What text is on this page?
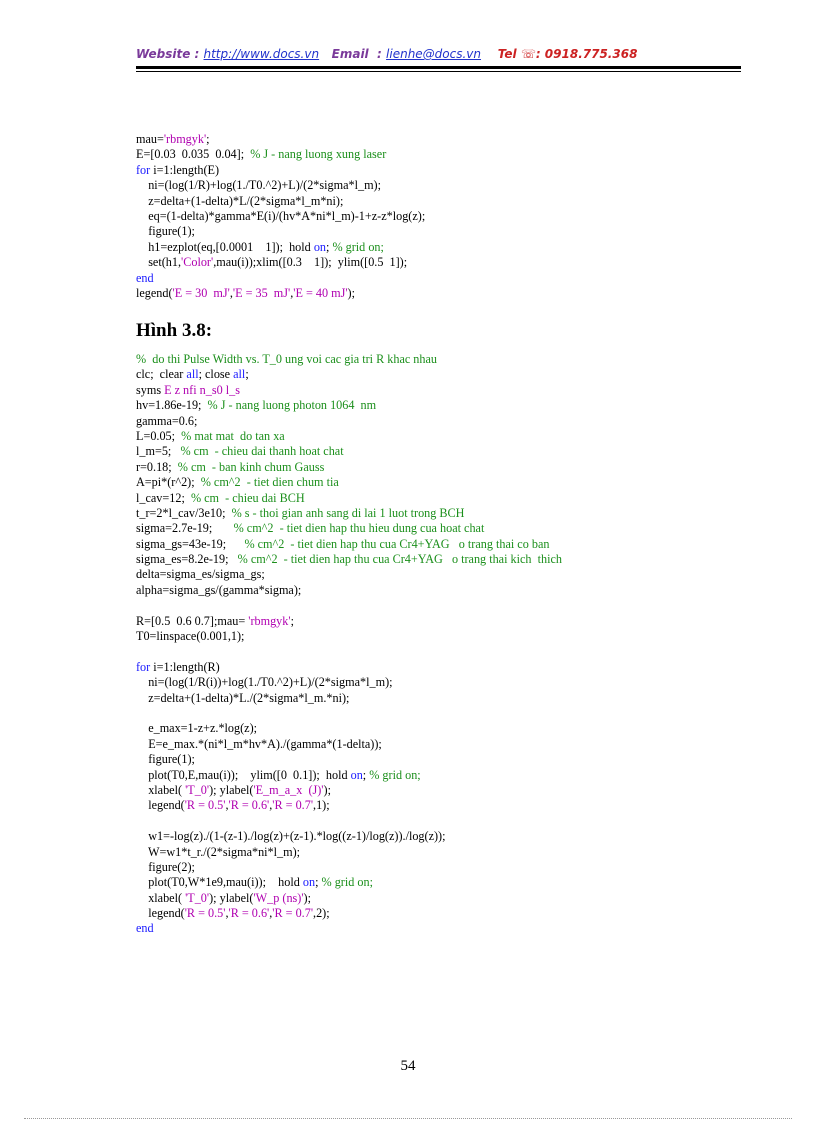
Website : http://www.docs.vn Email : lienhe@docs.vn Tel ☏: 0918.775.368
mau='rbmgyk';
E=[0.03  0.035  0.04];  % J - nang luong xung laser
for i=1:length(E)
ni=(log(1/R)+log(1./T0.^2)+L)/(2*sigma*l_m);
z=delta+(1-delta)*L/(2*sigma*l_m*ni);
eq=(1-delta)*gamma*E(i)/(hv*A*ni*l_m)-1+z-z*log(z);
figure(1);
h1=ezplot(eq,[0.0001    1]);  hold on; % grid on;
set(h1,'Color',mau(i));xlim([0.3    1]);  ylim([0.5  1]);
end
legend('E = 30  mJ','E = 35  mJ','E = 40 mJ');
Hình 3.8:
%  do thi Pulse Width vs. T_0 ung voi cac gia tri R khac nhau
clc;  clear all; close all;
syms E z nfi n_s0 l_s
hv=1.86e-19;  % J - nang luong photon 1064  nm
gamma=0.6;
L=0.05;  % mat mat  do tan xa
l_m=5;   % cm  - chieu dai thanh hoat chat
r=0.18;  % cm  - ban kinh chum Gauss
A=pi*(r^2);  % cm^2  - tiet dien chum tia
l_cav=12;  % cm  - chieu dai BCH
t_r=2*l_cav/3e10;  % s - thoi gian anh sang di lai 1 luot trong BCH
sigma=2.7e-19;       % cm^2  - tiet dien hap thu hieu dung cua hoat chat
sigma_gs=43e-19;      % cm^2  - tiet dien hap thu cua Cr4+YAG   o trang thai co ban
sigma_es=8.2e-19;   % cm^2  - tiet dien hap thu cua Cr4+YAG   o trang thai kich  thich
delta=sigma_es/sigma_gs;
alpha=sigma_gs/(gamma*sigma);
R=[0.5  0.6 0.7];mau= 'rbmgyk';
T0=linspace(0.001,1);
for i=1:length(R)
ni=(log(1/R(i))+log(1./T0.^2)+L)/(2*sigma*l_m);
z=delta+(1-delta)*L./(2*sigma*l_m.*ni);
e_max=1-z+z.*log(z);
E=e_max.*(ni*l_m*hv*A)./(gamma*(1-delta));
figure(1);
plot(T0,E,mau(i));    ylim([0  0.1]);  hold on; % grid on;
xlabel( 'T_0'); ylabel('E_m_a_x  (J)');
legend('R = 0.5','R = 0.6','R = 0.7',1);
w1=-log(z)./(1-(z-1)./log(z)+(z-1).*log((z-1)/log(z))./log(z));
W=w1*t_r./(2*sigma*ni*l_m);
figure(2);
plot(T0,W*1e9,mau(i));    hold on; % grid on;
xlabel( 'T_0'); ylabel('W_p (ns)');
legend('R = 0.5','R = 0.6','R = 0.7',2);
end
54
